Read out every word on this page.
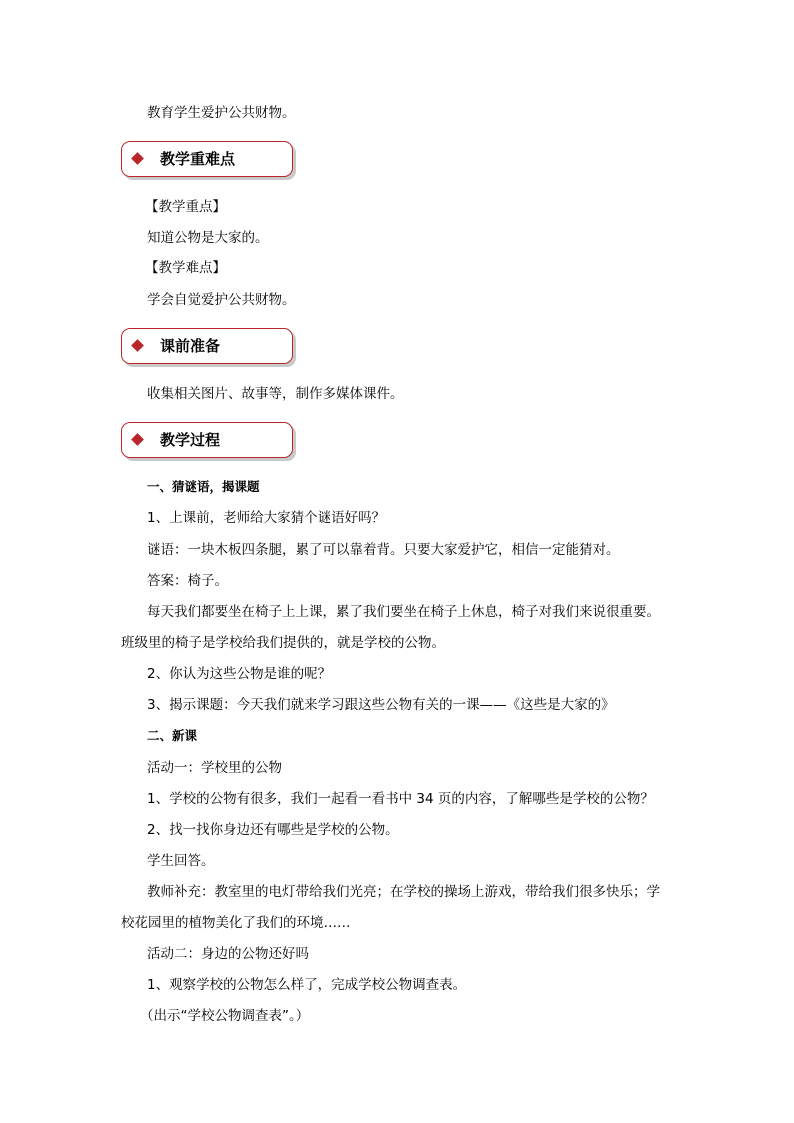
教育学生爱护公共财物。

教学重难点

【教学重点】

知道公物是大家的。

【教学难点】

学会自觉爱护公共财物。

课前准备

收集相关图片、故事等，制作多媒体课件。

教学过程

一、猜谜语，揭课题

1、上课前，老师给大家猜个谜语好吗？

谜语：一块木板四条腿，累了可以靠着背。只要大家爱护它，相信一定能猜对。

答案：椅子。

每天我们都要坐在椅子上上课，累了我们要坐在椅子上休息，椅子对我们来说很重要。

班级里的椅子是学校给我们提供的，就是学校的公物。

2、你认为这些公物是谁的呢？

3、揭示课题：今天我们就来学习跟这些公物有关的一课——《这些是大家的》

二、新课

活动一：学校里的公物

1、学校的公物有很多，我们一起看一看书中 34 页的内容，了解哪些是学校的公物？

2、找一找你身边还有哪些是学校的公物。

学生回答。

教师补充：教室里的电灯带给我们光亮；在学校的操场上游戏，带给我们很多快乐；学

校花园里的植物美化了我们的环境……

活动二：身边的公物还好吗

1、观察学校的公物怎么样了，完成学校公物调查表。

（出示“学校公物调查表”。）
